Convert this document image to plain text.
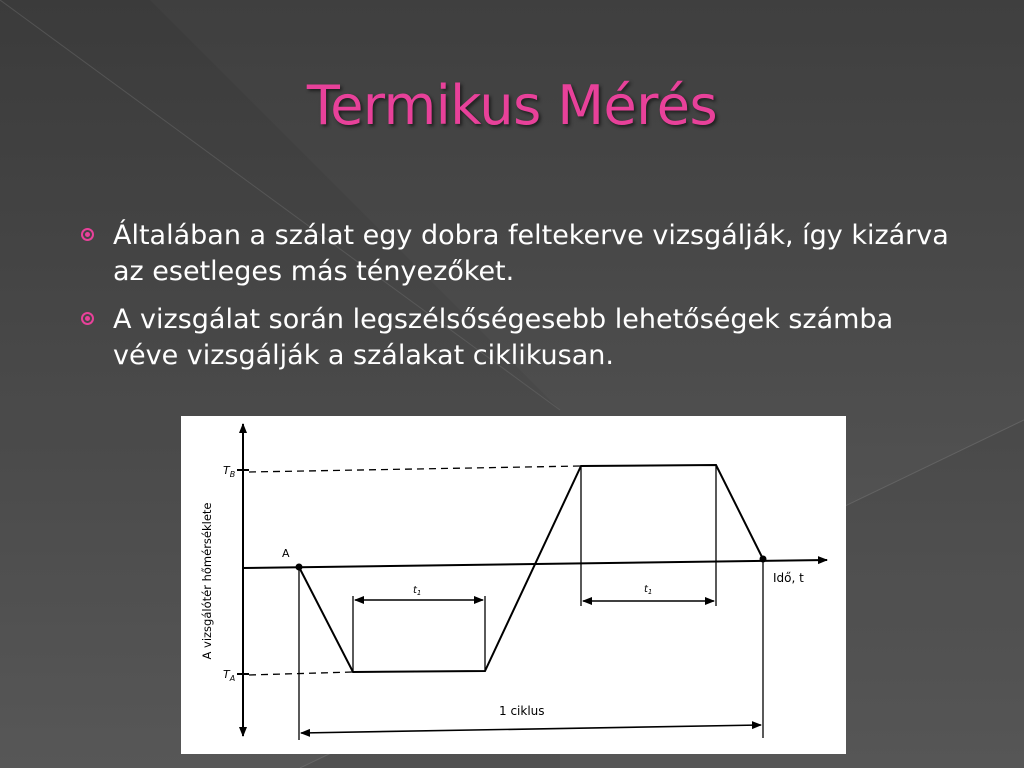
Termikus Mérés
Általában a szálat egy dobra feltekerve vizsgálják, így kizárva az esetleges más tényezőket.
A vizsgálat során legszélsőségesebb lehetőségek számba véve vizsgálják a szálakat ciklikusan.
A vizsgálótér hőmérséklete	A
$T_B$
$T_A$
$t_1$	$t_1$
Idő, t
1 ciklus
